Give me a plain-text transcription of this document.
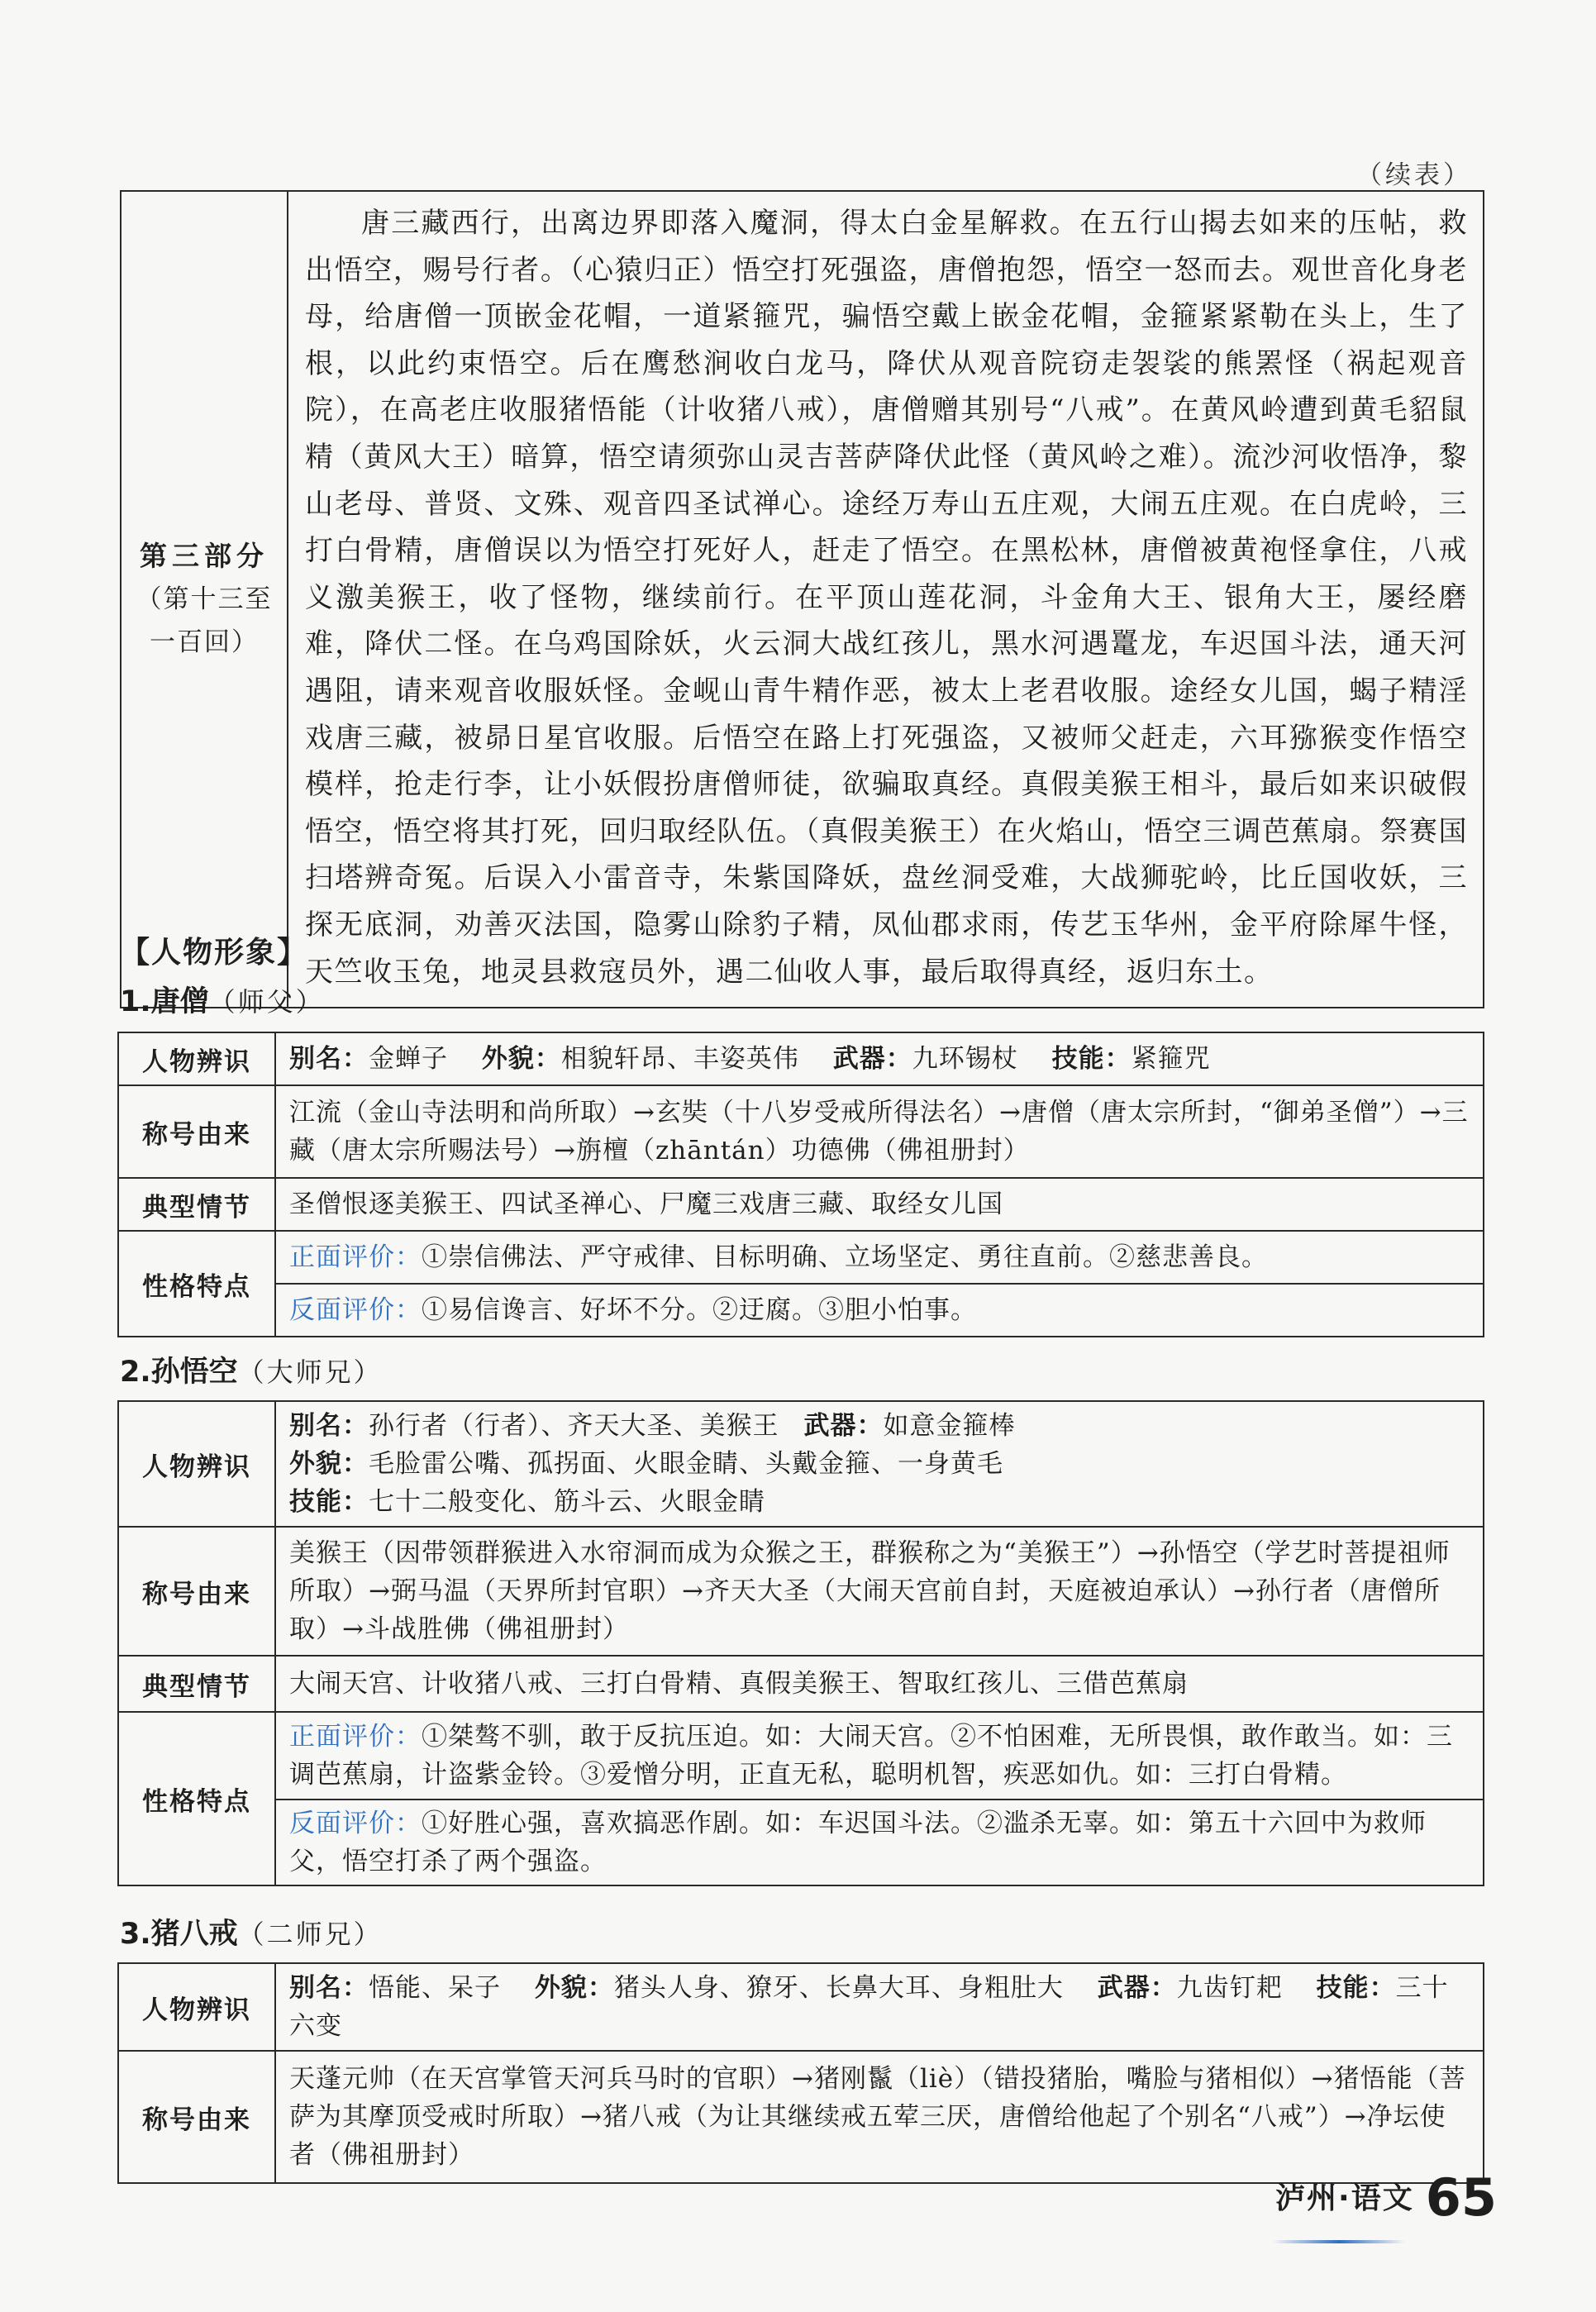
（续表）
第三部分
（第十三至一百回）
	唐三藏西行，出离边界即落入魔洞，得太白金星解救。在五行山揭去如来的压帖，救出悟空，赐号行者。（心猿归正）悟空打死强盗，唐僧抱怨，悟空一怒而去。观世音化身老母，给唐僧一顶嵌金花帽，一道紧箍咒，骗悟空戴上嵌金花帽，金箍紧紧勒在头上，生了根，以此约束悟空。后在鹰愁涧收白龙马，降伏从观音院窃走袈裟的熊罴怪（祸起观音院），在高老庄收服猪悟能（计收猪八戒），唐僧赠其别号“八戒”。在黄风岭遭到黄毛貂鼠精（黄风大王）暗算，悟空请须弥山灵吉菩萨降伏此怪（黄风岭之难）。流沙河收悟净，黎山老母、普贤、文殊、观音四圣试禅心。途经万寿山五庄观，大闹五庄观。在白虎岭，三打白骨精，唐僧误以为悟空打死好人，赶走了悟空。在黑松林，唐僧被黄袍怪拿住，八戒义激美猴王，收了怪物，继续前行。在平顶山莲花洞，斗金角大王、银角大王，屡经磨难，降伏二怪。在乌鸡国除妖，火云洞大战红孩儿，黑水河遇鼍龙，车迟国斗法，通天河遇阻，请来观音收服妖怪。金岘山青牛精作恶，被太上老君收服。途经女儿国，蝎子精淫戏唐三藏，被昴日星官收服。后悟空在路上打死强盗，又被师父赶走，六耳猕猴变作悟空模样，抢走行李，让小妖假扮唐僧师徒，欲骗取真经。真假美猴王相斗，最后如来识破假悟空，悟空将其打死，回归取经队伍。（真假美猴王）在火焰山，悟空三调芭蕉扇。祭赛国扫塔辨奇冤。后误入小雷音寺，朱紫国降妖，盘丝洞受难，大战狮驼岭，比丘国收妖，三探无底洞，劝善灭法国，隐雾山除豹子精，凤仙郡求雨，传艺玉华州，金平府除犀牛怪，天竺收玉兔，地灵县救寇员外，遇二仙收人事，最后取得真经，返归东土。
【人物形象】
1.唐僧（师父）
人物辨识	别名：金蝉子 外貌：相貌轩昂、丰姿英伟 武器：九环锡杖 技能：紧箍咒
称号由来	江流（金山寺法明和尚所取）→玄奘（十八岁受戒所得法名）→唐僧（唐太宗所封，“御弟圣僧”）→三藏（唐太宗所赐法号）→旃檀（zhāntán）功德佛（佛祖册封）
典型情节	圣僧恨逐美猴王、四试圣禅心、尸魔三戏唐三藏、取经女儿国
性格特点	正面评价：①崇信佛法、严守戒律、目标明确、立场坚定、勇往直前。②慈悲善良。
	反面评价：①易信谗言、好坏不分。②迂腐。③胆小怕事。
2.孙悟空（大师兄）
人物辨识	别名：孙行者（行者）、齐天大圣、美猴王 武器：如意金箍棒
外貌：毛脸雷公嘴、孤拐面、火眼金睛、头戴金箍、一身黄毛
技能：七十二般变化、筋斗云、火眼金睛

称号由来	美猴王（因带领群猴进入水帘洞而成为众猴之王，群猴称之为“美猴王”）→孙悟空（学艺时菩提祖师所取）→弼马温（天界所封官职）→齐天大圣（大闹天宫前自封，天庭被迫承认）→孙行者（唐僧所取）→斗战胜佛（佛祖册封）
典型情节	大闹天宫、计收猪八戒、三打白骨精、真假美猴王、智取红孩儿、三借芭蕉扇
性格特点	正面评价：①桀骜不驯，敢于反抗压迫。如：大闹天宫。②不怕困难，无所畏惧，敢作敢当。如：三调芭蕉扇，计盗紫金铃。③爱憎分明，正直无私，聪明机智，疾恶如仇。如：三打白骨精。
	反面评价：①好胜心强，喜欢搞恶作剧。如：车迟国斗法。②滥杀无辜。如：第五十六回中为救师父，悟空打杀了两个强盗。
3.猪八戒（二师兄）
人物辨识	别名：悟能、呆子 外貌：猪头人身、獠牙、长鼻大耳、身粗肚大 武器：九齿钉耙 技能：三十六变
称号由来	天蓬元帅（在天宫掌管天河兵马时的官职）→猪刚鬣（liè）（错投猪胎，嘴脸与猪相似）→猪悟能（菩萨为其摩顶受戒时所取）→猪八戒（为让其继续戒五荤三厌，唐僧给他起了个别名“八戒”）→净坛使者（佛祖册封）
泸州·语文 65
